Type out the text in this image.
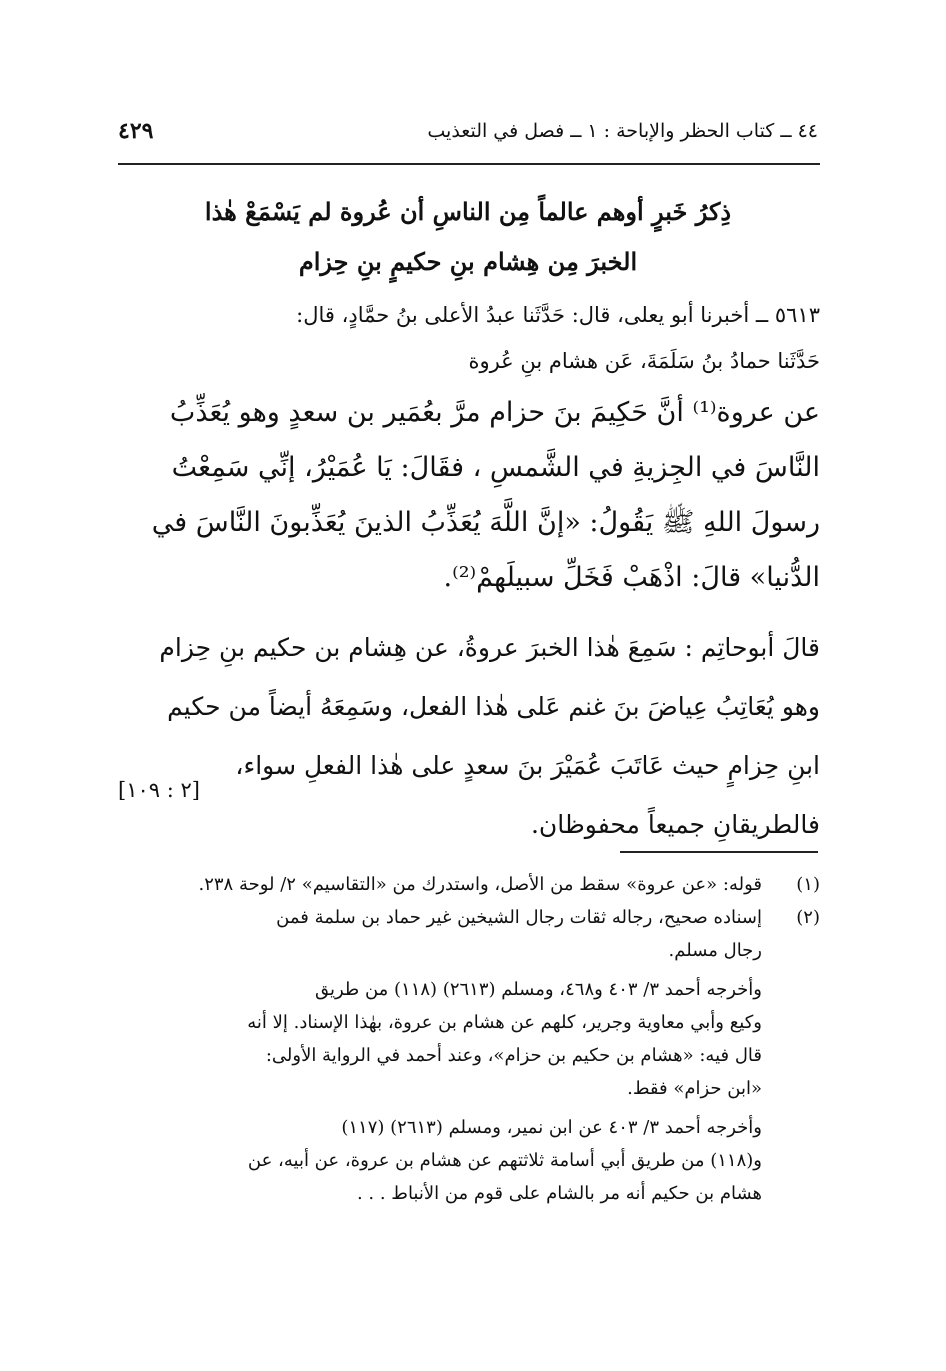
٤٤ ــ كتاب الحظر والإباحة : ١ ــ فصل في التعذيب
٤٢٩
ذِكرُ خَبرٍ أوهم عالماً مِن الناسِ أن عُروة لم يَسْمَعْ هٰذا
الخبرَ مِن هِشام بنِ حكيمٍ بنِ حِزام
٥٦١٣ ــ أخبرنا أبو يعلى، قال: حَدَّثَنا عبدُ الأعلى بنُ حمَّادٍ، قال:
حَدَّثَنا حمادُ بنُ سَلَمَةَ، عَن هشام بنِ عُروة
عن عروة⁽¹⁾ أنَّ حَكِيمَ بنَ حزام مرَّ بعُمَير بن سعدٍ وهو يُعَذِّبُ
النَّاسَ في الجِزيةِ في الشَّمسِ ، فقَالَ: يَا عُمَيْرُ، إنِّي سَمِعْتُ
رسولَ اللهِ ﷺ يَقُولُ: «إنَّ اللَّهَ يُعَذِّبُ الذينَ يُعَذِّبونَ النَّاسَ في
الدُّنيا» قالَ: اذْهَبْ فَخَلِّ سبيلَهمْ⁽²⁾.
قالَ أبوحاتِم : سَمِعَ هٰذا الخبرَ عروةُ، عن هِشام بن حكيم بنِ حِزام
وهو يُعَاتِبُ عِياضَ بنَ غنم عَلى هٰذا الفعل، وسَمِعَهُ أيضاً من حكيم
ابنِ حِزامٍ حيث عَاتَبَ عُمَيْرَ بنَ سعدٍ على هٰذا الفعلِ سواء،
فالطريقانِ جميعاً محفوظان.
[٢ : ١٠٩]
(١)
قوله: «عن عروة» سقط من الأصل، واستدرك من «التقاسيم» ٢/ لوحة ٢٣٨.
(٢)
إسناده صحيح، رجاله ثقات رجال الشيخين غير حماد بن سلمة فمن
رجال مسلم.
وأخرجه أحمد ٣/ ٤٠٣ و٤٦٨، ومسلم (٢٦١٣) (١١٨) من طريق
وكيع وأبي معاوية وجرير، كلهم عن هشام بن عروة، بهٰذا الإسناد. إلا أنه
قال فيه: «هشام بن حكيم بن حزام»، وعند أحمد في الرواية الأولى:
«ابن حزام» فقط.
وأخرجه أحمد ٣/ ٤٠٣ عن ابن نمير، ومسلم (٢٦١٣) (١١٧)
و(١١٨) من طريق أبي أسامة ثلاثتهم عن هشام بن عروة، عن أبيه، عن
هشام بن حكيم أنه مر بالشام على قوم من الأنباط . . .
